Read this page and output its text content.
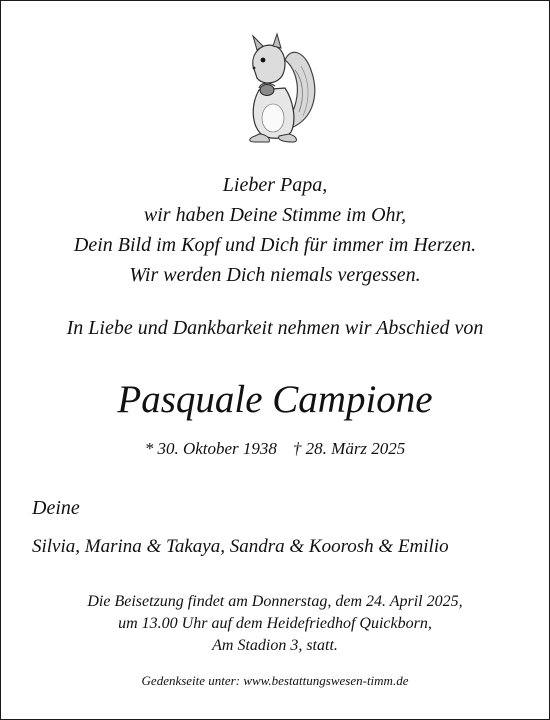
Lieber Papa,
wir haben Deine Stimme im Ohr,
Dein Bild im Kopf und Dich für immer im Herzen.
Wir werden Dich niemals vergessen.
In Liebe und Dankbarkeit nehmen wir Abschied von
Pasquale Campione
* 30. Oktober 1938 † 28. März 2025
Deine
Silvia, Marina & Takaya, Sandra & Koorosh & Emilio
Die Beisetzung findet am Donnerstag, dem 24. April 2025,
um 13.00 Uhr auf dem Heidefriedhof Quickborn,
Am Stadion 3, statt.
Gedenkseite unter: www.bestattungswesen-timm.de
